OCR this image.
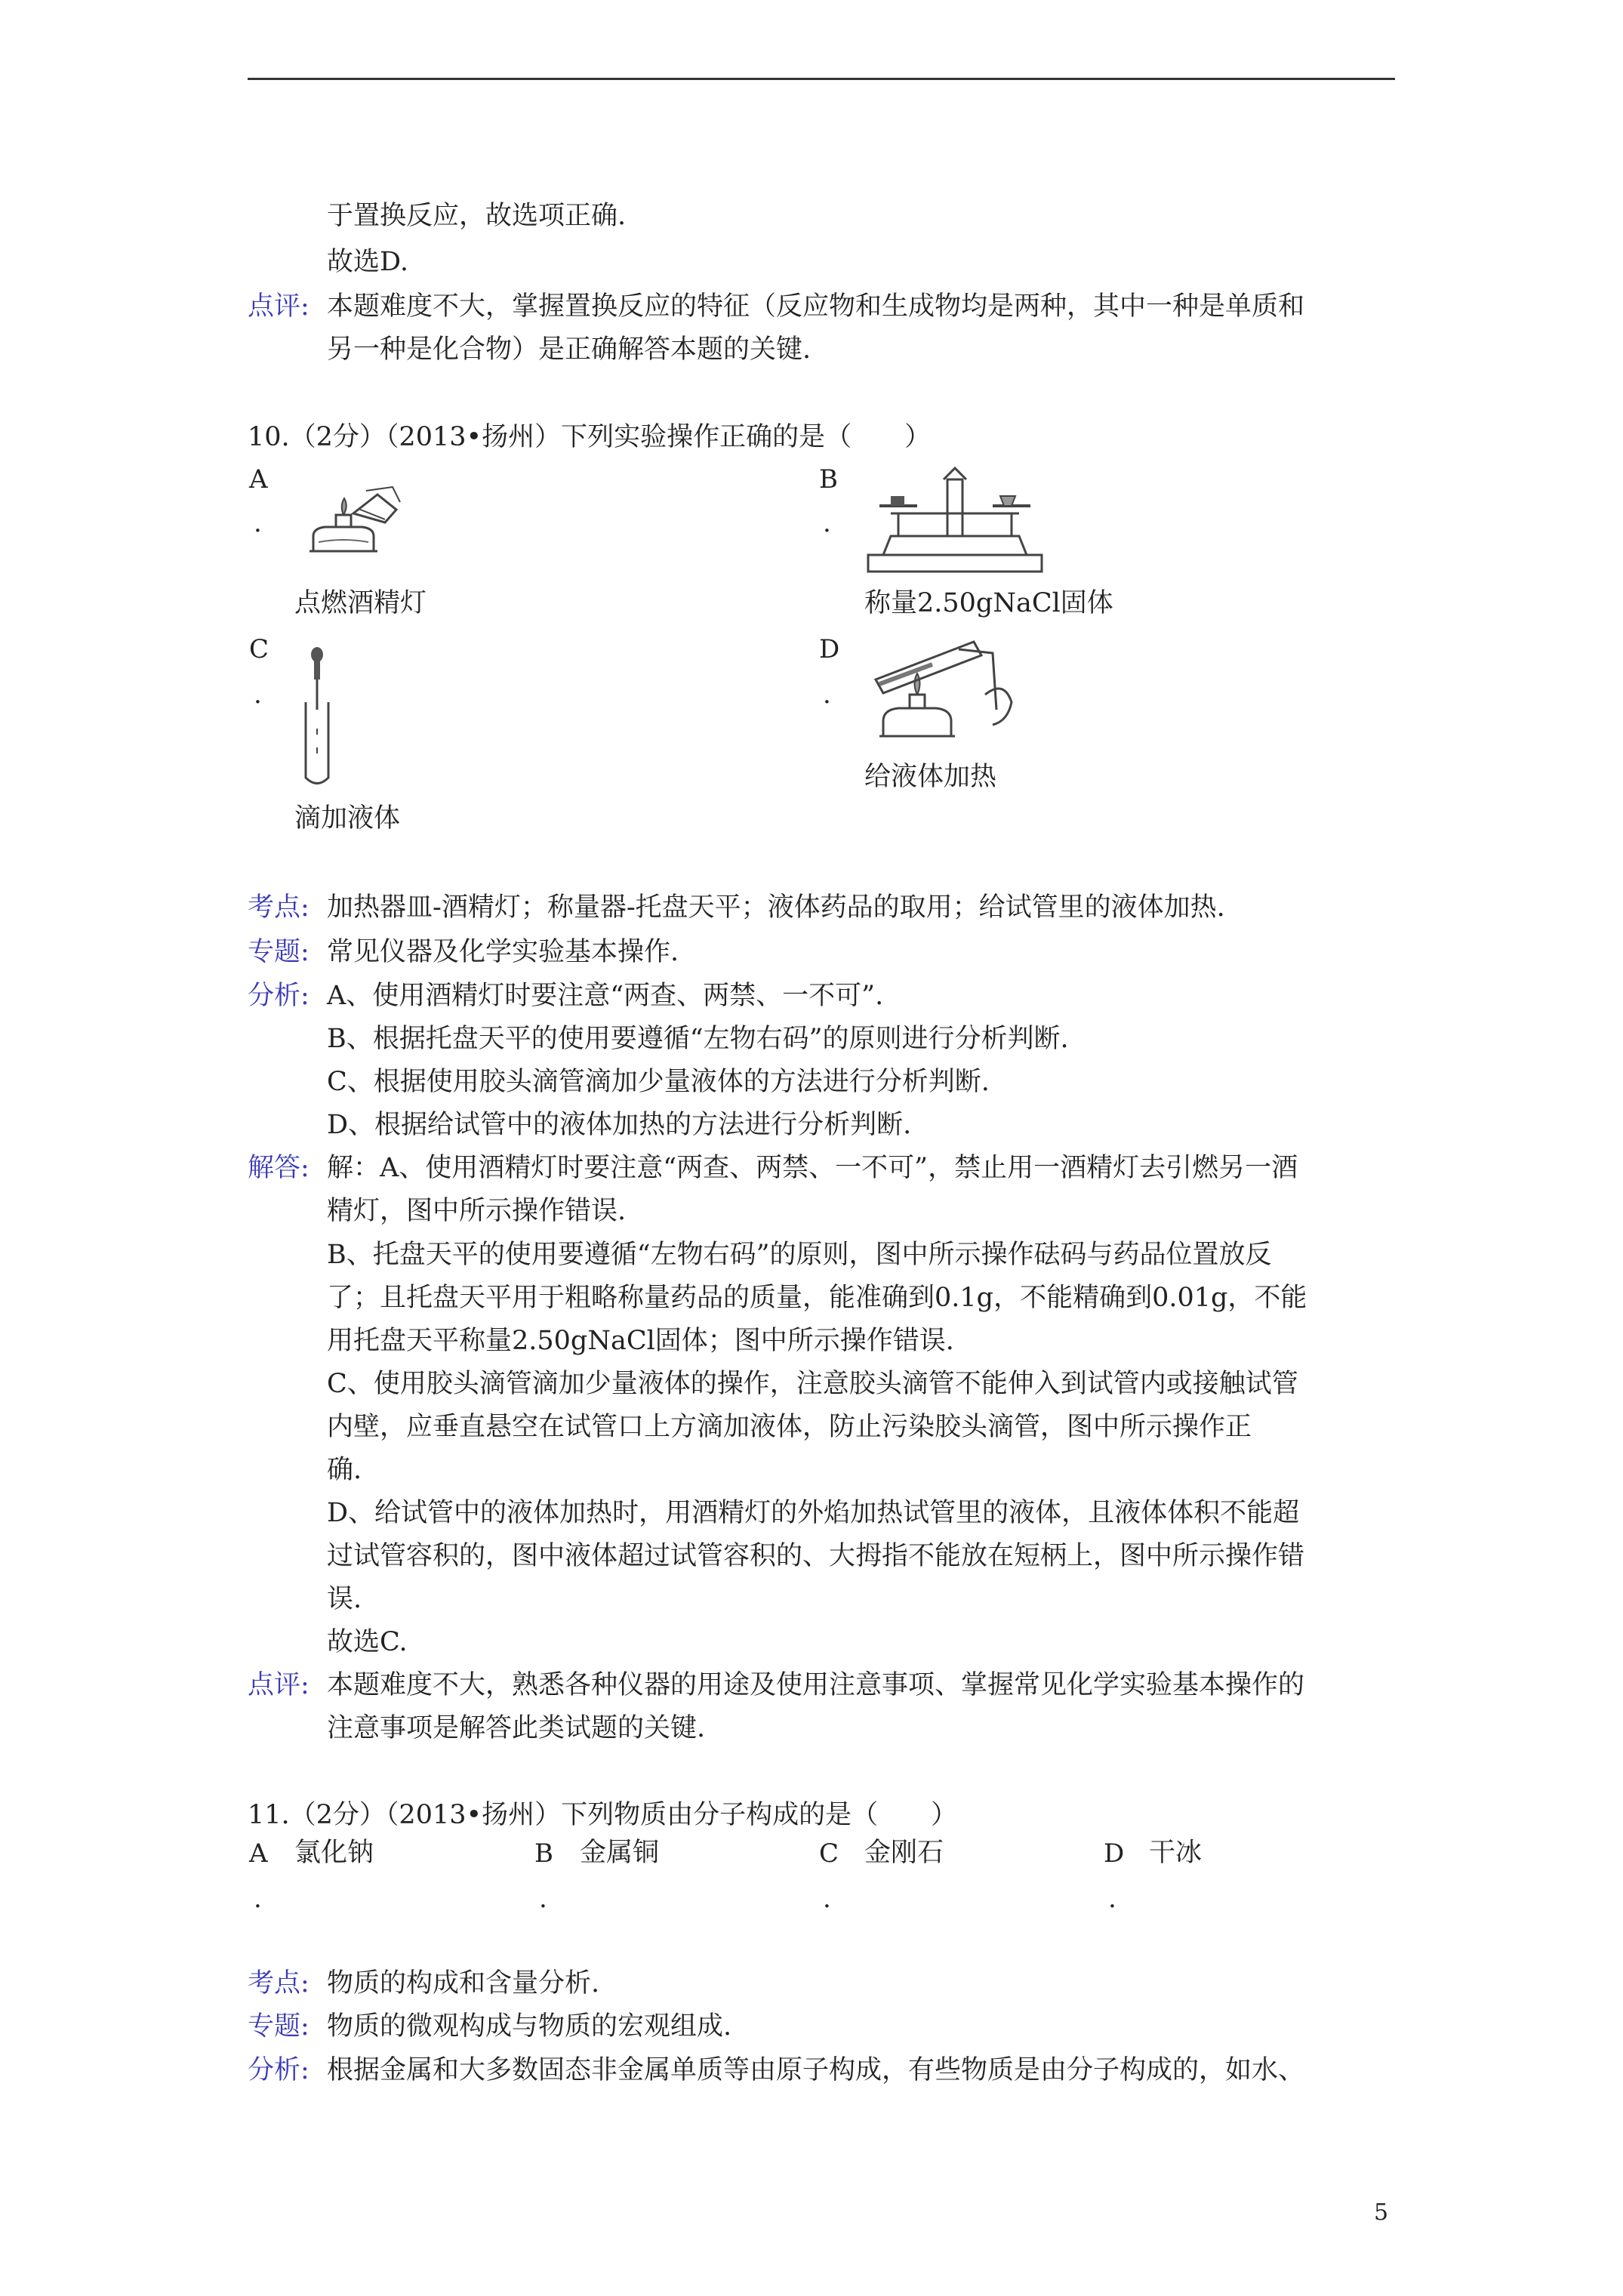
于置换反应，故选项正确.
故选D.
点评: 本题难度不大，掌握置换反应的特征（反应物和生成物均是两种，其中一种是单质和
另一种是化合物）是正确解答本题的关键.
10.（2分）（2013•扬州）下列实验操作正确的是（　　）
A
.
点燃酒精灯
B
.
称量2.50gNaCl固体
C
.
滴加液体
D
.
给液体加热
考点: 加热器皿-酒精灯；称量器-托盘天平；液体药品的取用；给试管里的液体加热.
专题: 常见仪器及化学实验基本操作.
分析: A、使用酒精灯时要注意“两查、两禁、一不可”.
B、根据托盘天平的使用要遵循“左物右码”的原则进行分析判断.
C、根据使用胶头滴管滴加少量液体的方法进行分析判断.
D、根据给试管中的液体加热的方法进行分析判断.
解答: 解：A、使用酒精灯时要注意“两查、两禁、一不可”，禁止用一酒精灯去引燃另一酒
精灯，图中所示操作错误.
B、托盘天平的使用要遵循“左物右码”的原则，图中所示操作砝码与药品位置放反
了；且托盘天平用于粗略称量药品的质量，能准确到0.1g，不能精确到0.01g，不能
用托盘天平称量2.50gNaCl固体；图中所示操作错误.
C、使用胶头滴管滴加少量液体的操作，注意胶头滴管不能伸入到试管内或接触试管
内壁，应垂直悬空在试管口上方滴加液体，防止污染胶头滴管，图中所示操作正
确.
D、给试管中的液体加热时，用酒精灯的外焰加热试管里的液体，且液体体积不能超
过试管容积的，图中液体超过试管容积的、大拇指不能放在短柄上，图中所示操作错
误.
故选C.
点评: 本题难度不大，熟悉各种仪器的用途及使用注意事项、掌握常见化学实验基本操作的
注意事项是解答此类试题的关键.
11.（2分）（2013•扬州）下列物质由分子构成的是（　　）
A 氯化钠
.
B 金属铜
.
C 金刚石
.
D 干冰
.
考点: 物质的构成和含量分析.
专题: 物质的微观构成与物质的宏观组成.
分析: 根据金属和大多数固态非金属单质等由原子构成，有些物质是由分子构成的，如水、
5
